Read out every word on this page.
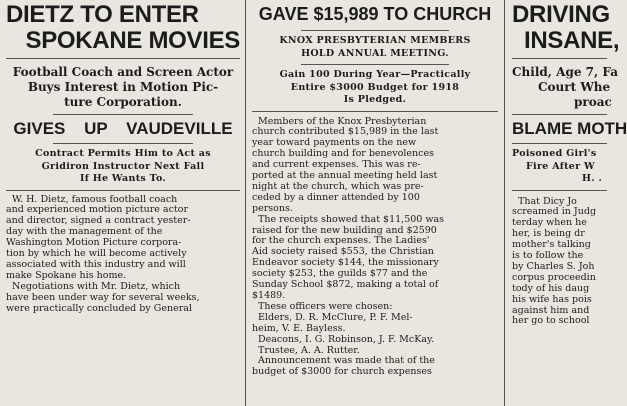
DIETZ TO ENTER
SPOKANE MOVIES
Football Coach and Screen Actor
Buys Interest in Motion Pic-
ture Corporation.
GIVES UP VAUDEVILLE
Contract Permits Him to Act as
Gridiron Instructor Next Fall
If He Wants To.
W. H. Dietz, famous football coach
and experienced motion picture actor
and director, signed a contract yester-
day with the management of the
Washington Motion Picture corpora-
tion by which he will become actively
associated with this industry and will
make Spokane his home.
Negotiations with Mr. Dietz, which
have been under way for several weeks,
were practically concluded by General
GAVE $15,989 TO CHURCH
KNOX PRESBYTERIAN MEMBERS
HOLD ANNUAL MEETING.
Gain 100 During Year—Practically
Entire $3000 Budget for 1918
Is Pledged.
Members of the Knox Presbyterian
church contributed $15,989 in the last
year toward payments on the new
church building and for benevolences
and current expenses. This was re-
ported at the annual meeting held last
night at the church, which was pre-
ceded by a dinner attended by 100
persons.
The receipts showed that $11,500 was
raised for the new building and $2590
for the church expenses. The Ladies'
Aid society raised $553, the Christian
Endeavor society $144, the missionary
society $253, the guilds $77 and the
Sunday School $872, making a total of
$1489.
These officers were chosen:
Elders, D. R. McClure, P. F. Mel-
heim, V. E. Bayless.
Deacons, I. G. Robinson, J. F. McKay.
Trustee, A. A. Rutter.
Announcement was made that of the
budget of $3000 for church expenses
DRIVING
INSANE,
Child, Age 7, Fa
Court Whe
proac
BLAME MOTH
Poisoned Girl's
Fire After W
H. .
That Dicy Jo
screamed in Judg
terday when he
her, is being dr
mother's talking
is to follow the
by Charles S. Joh
corpus proceedin
tody of his daug
his wife has pois
against him and
her go to school
